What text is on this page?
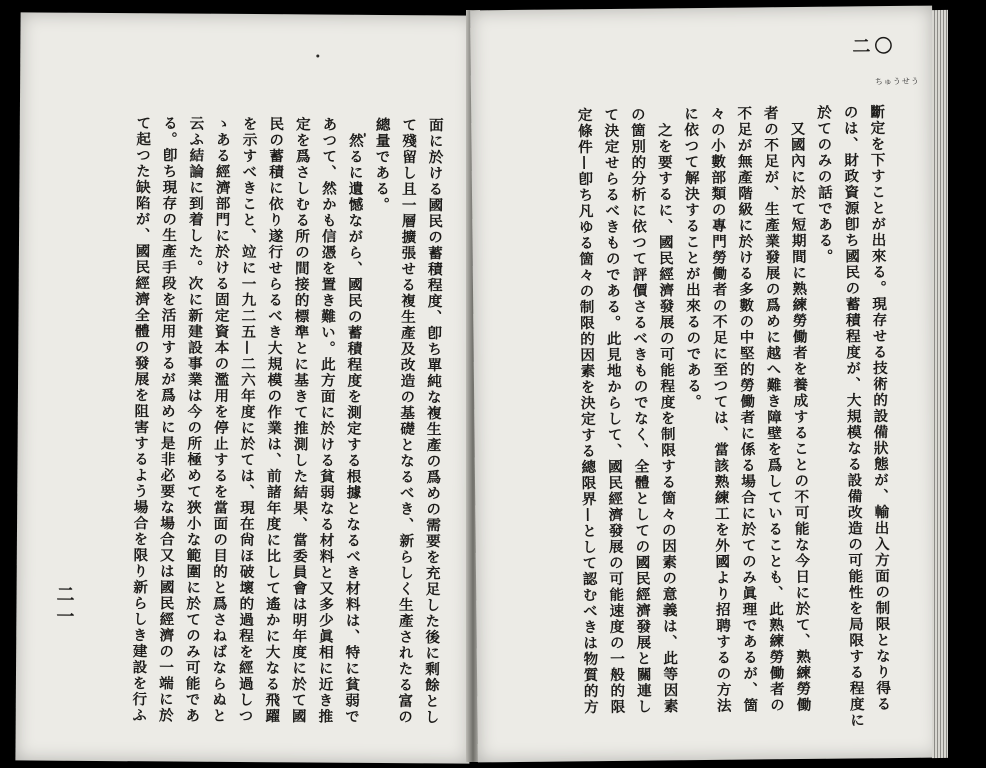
面に於ける國民の蓄積程度、卽ち單純な複生產の爲めの需要を充足した後に剩餘とし
て殘留し且一層擴張せる複生產及改造の基礎となるべき、新らしく生產されたる富の
總量である。
然るに遺憾ながら、國民の蓄積程度を測定する根據となるべき材料は、特に貧弱で
あつて、然かも信憑を置き難い。此方面に於ける貧弱なる材料と又多少眞相に近き推
定を爲さしむる所の間接的標準とに基きて推測した結果、當委員會は明年度に於て國
民の蓄積に依り遂行せらるべき大規模の作業は、前諸年度に比して遙かに大なる飛躍
を示すべきこと、竝に一九二五—二六年度に於ては、現在尙ほ破壞的過程を經過しつ
ゝある經濟部門に於ける固定資本の濫用を停止するを當面の目的と爲さねばならぬと
云ふ結論に到着した。次に新建設事業は今の所極めて狹小な範圍に於てのみ可能であ
る。卽ち現存の生產手段を活用するが爲めに是非必要な場合又は國民經濟の一端に於
て起つた缺陷が、國民經濟全體の發展を阻害するよう場合を限り新らしき建設を行ふ
二一
ちゅうせう
二〇
斷定を下すことが出來る。現存せる技術的設備狀態が、輸出入方面の制限となり得る
のは、財政資源卽ち國民の蓄積程度が、大規模なる設備改造の可能性を局限する程度に
於てのみの話である。
又國內に於て短期間に熟練勞働者を養成することの不可能な今日に於て、熟練勞働
者の不足が、生產業發展の爲めに越へ難き障壁を爲していることも、此熟練勞働者の
不足が無產階級に於ける多數の中堅的勞働者に係る場合に於てのみ眞理であるが、箇
々の小數部類の專門勞働者の不足に至つては、當該熟練工を外國より招聘するの方法
に依つて解決することが出來るのである。
之を要するに、國民經濟發展の可能程度を制限する箇々の因素の意義は、此等因素
の箇別的分析に依つて評價さるべきものでなく、全體としての國民經濟發展と關連し
て決定せらるべきものである。此見地からして、國民經濟發展の可能速度の一般的限
定條件—卽ち凡ゆる箇々の制限的因素を決定する總限界—として認むべきは物質的方
